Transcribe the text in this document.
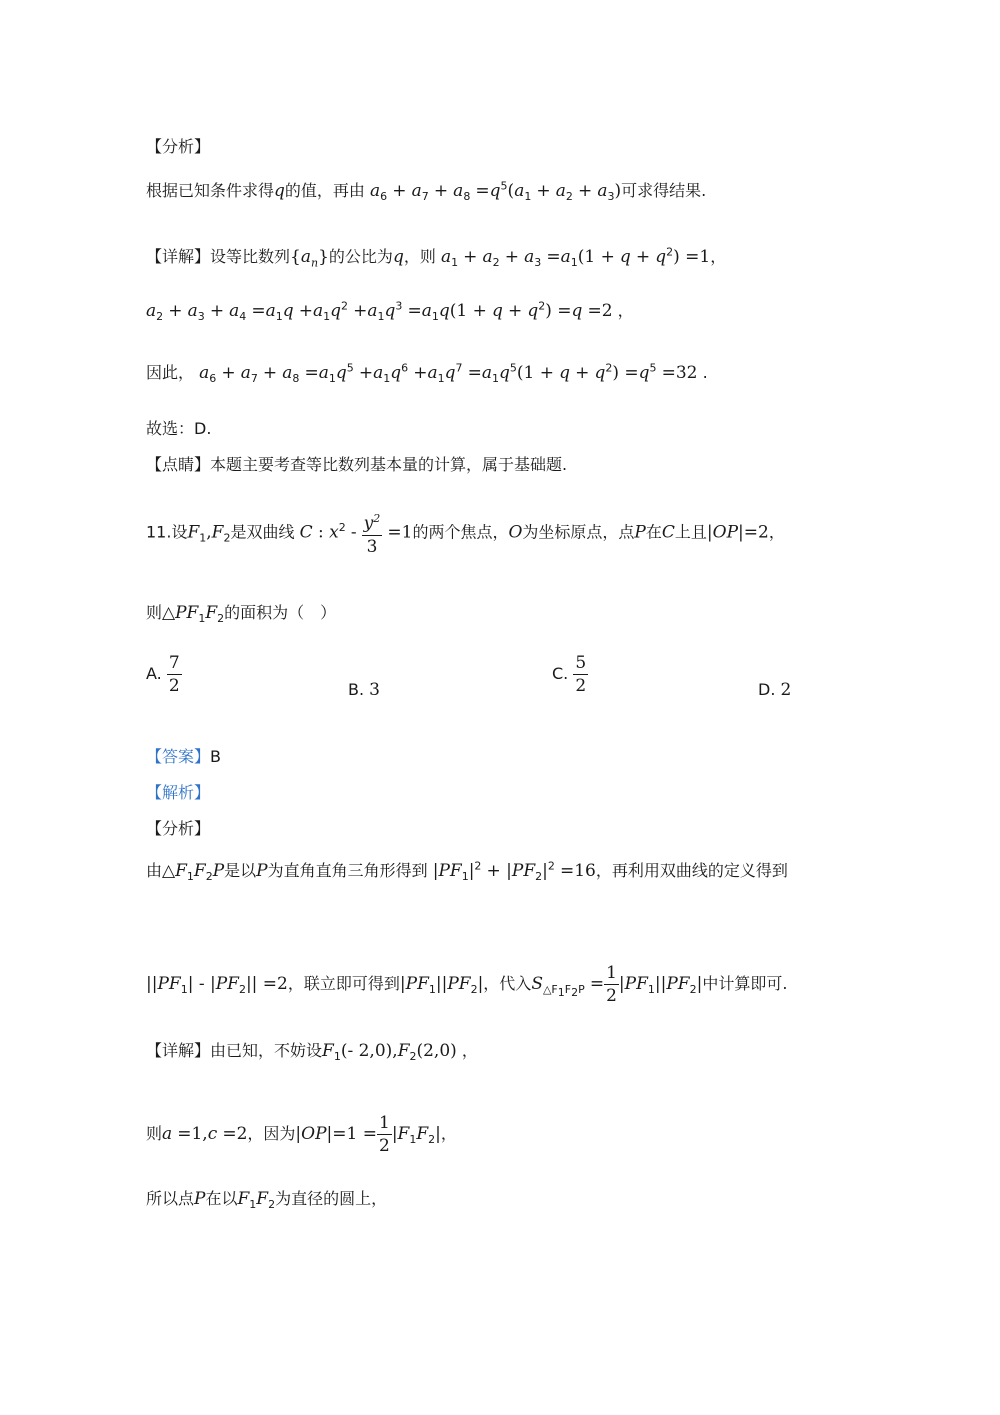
【分析】
根据已知条件求得q的值，再由 $a_6 + a_7 + a_8 =q^5(a_1 + a_2 + a_3)$可求得结果.
【详解】设等比数列$\{a_n\}$的公比为q，则 $a_1 + a_2 + a_3 =a_1(1 + q + q^2) =1$，
$a_2 + a_3 + a_4 =a_1q +a_1q^2 +a_1q^3 =a_1q(1 + q + q^2) =q =2$ ，
因此， $a_6 + a_7 + a_8 =a_1q^5 +a_1q^6 +a_1q^7 =a_1q^5(1 + q + q^2) =q^5 =32$ .
故选：D.
【点睛】本题主要考查等比数列基本量的计算，属于基础题.
11.设$F_1,F_2$是双曲线 C : $x^2 - \frac{y^2}{3} =1$的两个焦点，O为坐标原点，点P在C上且|OP|=2，
则$\triangle PF_1F_2$的面积为（　）
A. $\frac{7}{2}$	B. 3
C. $\frac{5}{2}$	D. 2
【答案】B
【解析】
【分析】
由$\triangle F_1F_2P$是以P为直角直角三角形得到 $|PF_1|^2 + |PF_2|^2 =16$，再利用双曲线的定义得到
$||PF_1| - |PF_2|| =2$，联立即可得到$|PF_1||PF_2|$，代入$S_{\triangle F_1F_2P} = \frac{1}{2} |PF_1||PF_2|$中计算即可.
【详解】由已知，不妨设$F_1(-$ $2,0),F_2(2,0)$ ，
则a =1,c =2，因为$|OP|=1 = \frac{1}{2} |F_1F_2|$，
所以点P在以$F_1F_2$为直径的圆上，
